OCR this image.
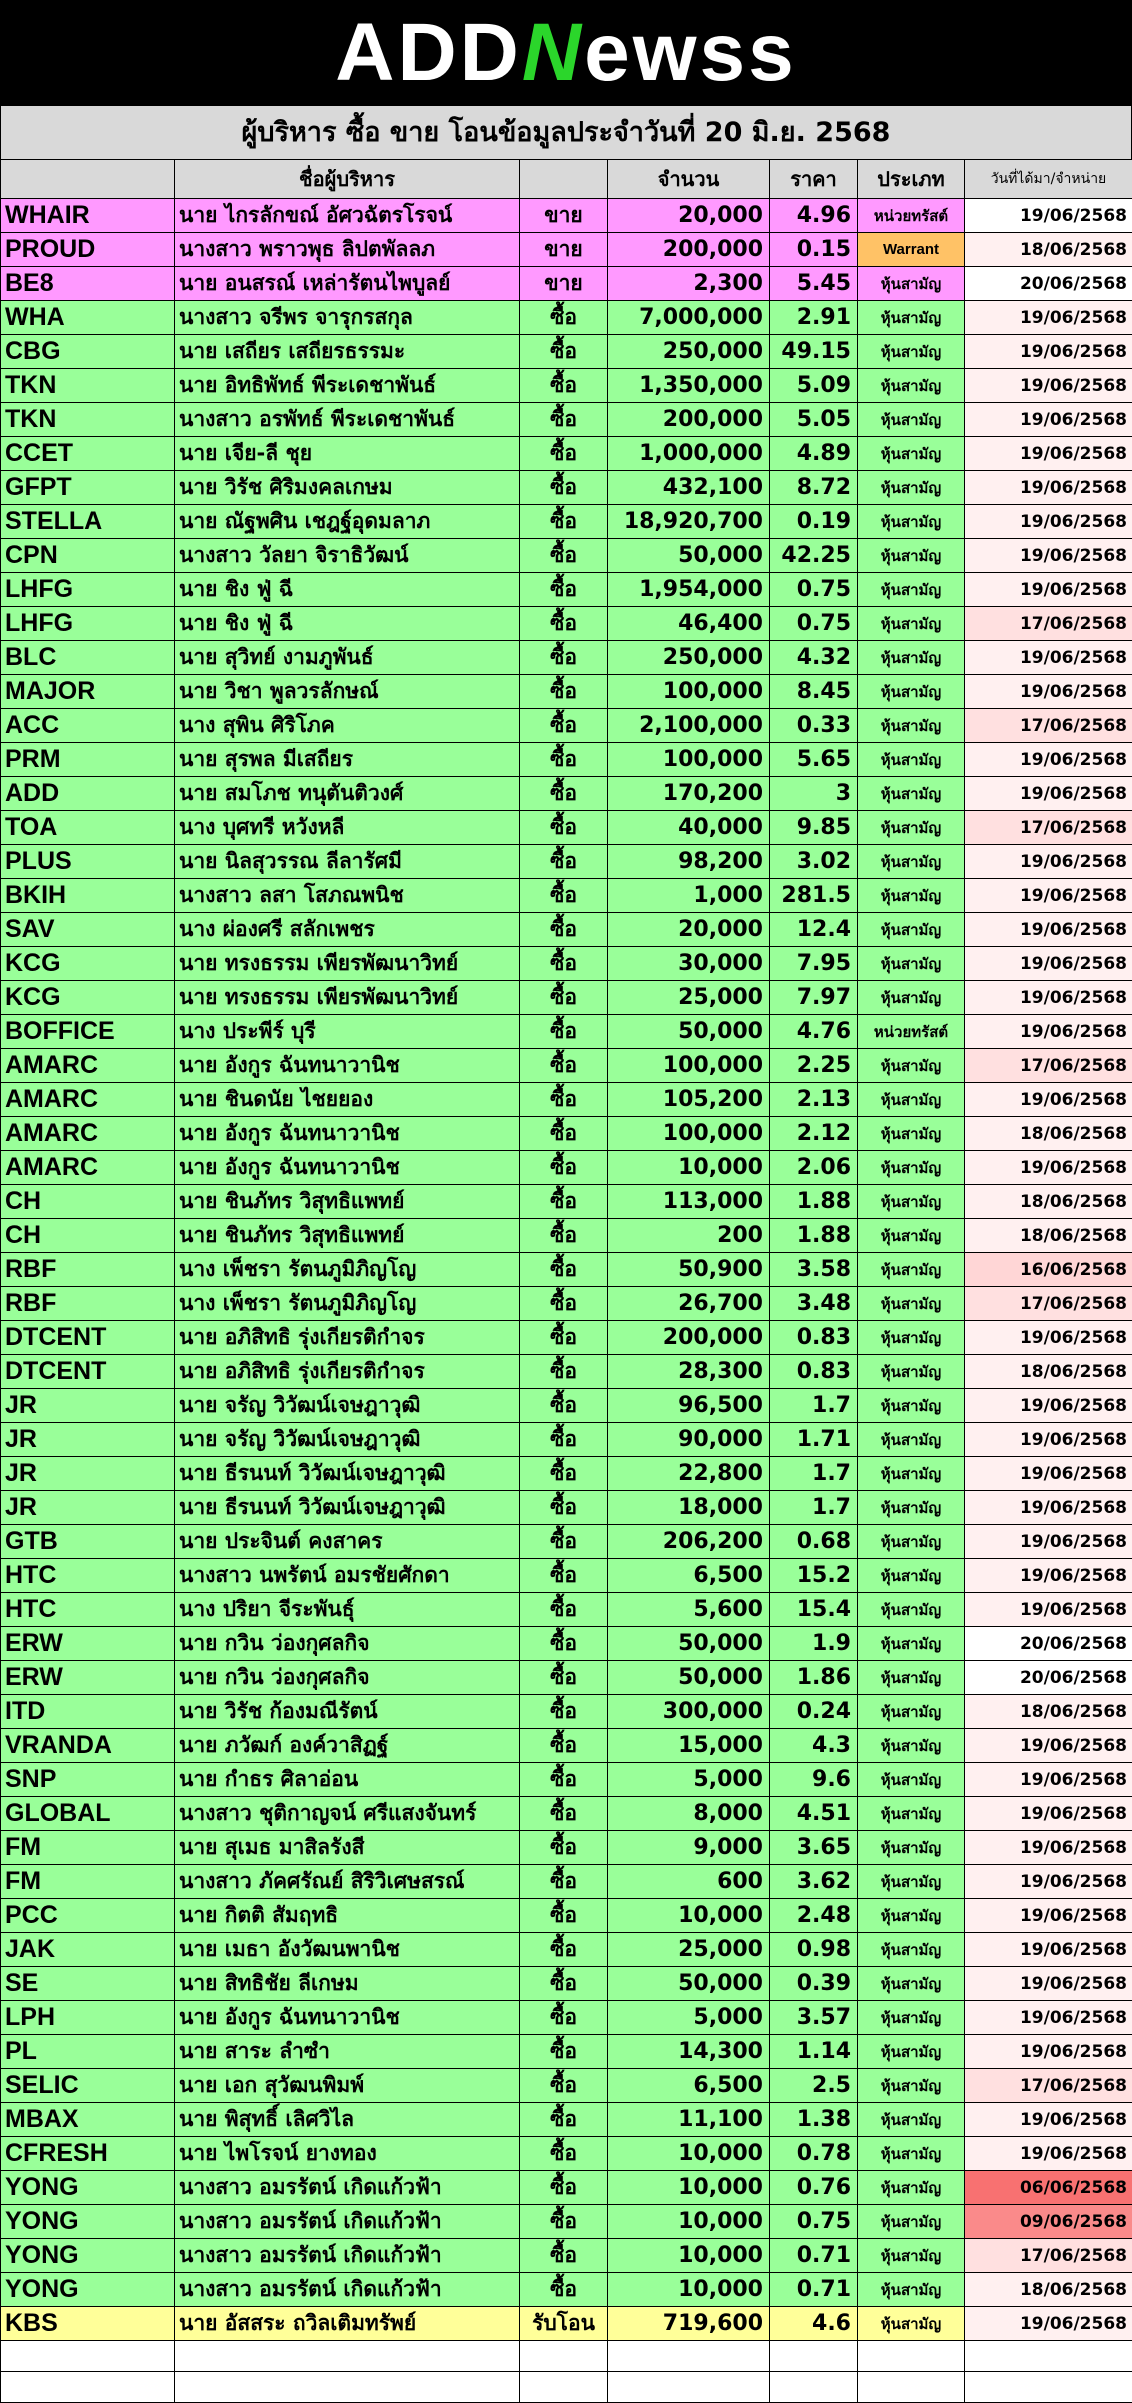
ADDNewss
ผู้บริหาร ซื้อ ขาย โอนข้อมูลประจำวันที่ 20 มิ.ย. 2568
	ชื่อผู้บริหาร		จำนวน	ราคา	ประเภท	วันที่ได้มา/จำหน่าย
WHAIR	นาย ไกรลักขณ์ อัศวฉัตรโรจน์	ขาย	20,000	4.96	หน่วยทรัสต์	19/06/2568
PROUD	นางสาว พราวพุธ ลิปตพัลลภ	ขาย	200,000	0.15	Warrant	18/06/2568
BE8	นาย อนสรณ์ เหล่ารัตนไพบูลย์	ขาย	2,300	5.45	หุ้นสามัญ	20/06/2568
WHA	นางสาว จรีพร จารุกรสกุล	ซื้อ	7,000,000	2.91	หุ้นสามัญ	19/06/2568
CBG	นาย เสถียร เสถียรธรรมะ	ซื้อ	250,000	49.15	หุ้นสามัญ	19/06/2568
TKN	นาย อิทธิพัทธ์ พีระเดชาพันธ์	ซื้อ	1,350,000	5.09	หุ้นสามัญ	19/06/2568
TKN	นางสาว อรพัทธ์ พีระเดชาพันธ์	ซื้อ	200,000	5.05	หุ้นสามัญ	19/06/2568
CCET	นาย เจีย-ลี ชุย	ซื้อ	1,000,000	4.89	หุ้นสามัญ	19/06/2568
GFPT	นาย วิรัช ศิริมงคลเกษม	ซื้อ	432,100	8.72	หุ้นสามัญ	19/06/2568
STELLA	นาย ณัฐพศิน เชฎฐ์อุดมลาภ	ซื้อ	18,920,700	0.19	หุ้นสามัญ	19/06/2568
CPN	นางสาว วัลยา จิราธิวัฒน์	ซื้อ	50,000	42.25	หุ้นสามัญ	19/06/2568
LHFG	นาย ชิง ฟู่ ฉี	ซื้อ	1,954,000	0.75	หุ้นสามัญ	19/06/2568
LHFG	นาย ชิง ฟู่ ฉี	ซื้อ	46,400	0.75	หุ้นสามัญ	17/06/2568
BLC	นาย สุวิทย์ งามภูพันธ์	ซื้อ	250,000	4.32	หุ้นสามัญ	19/06/2568
MAJOR	นาย วิชา พูลวรลักษณ์	ซื้อ	100,000	8.45	หุ้นสามัญ	19/06/2568
ACC	นาง สุพิน ศิริโภค	ซื้อ	2,100,000	0.33	หุ้นสามัญ	17/06/2568
PRM	นาย สุรพล มีเสถียร	ซื้อ	100,000	5.65	หุ้นสามัญ	19/06/2568
ADD	นาย สมโภช ทนุตันติวงศ์	ซื้อ	170,200	3	หุ้นสามัญ	19/06/2568
TOA	นาง บุศทรี หวังหลี	ซื้อ	40,000	9.85	หุ้นสามัญ	17/06/2568
PLUS	นาย นิลสุวรรณ ลีลารัศมี	ซื้อ	98,200	3.02	หุ้นสามัญ	19/06/2568
BKIH	นางสาว ลสา โสภณพนิช	ซื้อ	1,000	281.5	หุ้นสามัญ	19/06/2568
SAV	นาง ผ่องศรี สลักเพชร	ซื้อ	20,000	12.4	หุ้นสามัญ	19/06/2568
KCG	นาย ทรงธรรม เพียรพัฒนาวิทย์	ซื้อ	30,000	7.95	หุ้นสามัญ	19/06/2568
KCG	นาย ทรงธรรม เพียรพัฒนาวิทย์	ซื้อ	25,000	7.97	หุ้นสามัญ	19/06/2568
BOFFICE	นาง ประพีร์ บุรี	ซื้อ	50,000	4.76	หน่วยทรัสต์	19/06/2568
AMARC	นาย อังกูร ฉันทนาวานิช	ซื้อ	100,000	2.25	หุ้นสามัญ	17/06/2568
AMARC	นาย ชินดนัย ไชยยอง	ซื้อ	105,200	2.13	หุ้นสามัญ	19/06/2568
AMARC	นาย อังกูร ฉันทนาวานิช	ซื้อ	100,000	2.12	หุ้นสามัญ	18/06/2568
AMARC	นาย อังกูร ฉันทนาวานิช	ซื้อ	10,000	2.06	หุ้นสามัญ	19/06/2568
CH	นาย ชินภัทร วิสุทธิแพทย์	ซื้อ	113,000	1.88	หุ้นสามัญ	18/06/2568
CH	นาย ชินภัทร วิสุทธิแพทย์	ซื้อ	200	1.88	หุ้นสามัญ	18/06/2568
RBF	นาง เพ็ชรา รัตนภูมิภิญโญ	ซื้อ	50,900	3.58	หุ้นสามัญ	16/06/2568
RBF	นาง เพ็ชรา รัตนภูมิภิญโญ	ซื้อ	26,700	3.48	หุ้นสามัญ	17/06/2568
DTCENT	นาย อภิสิทธิ รุ่งเกียรติกำจร	ซื้อ	200,000	0.83	หุ้นสามัญ	19/06/2568
DTCENT	นาย อภิสิทธิ รุ่งเกียรติกำจร	ซื้อ	28,300	0.83	หุ้นสามัญ	18/06/2568
JR	นาย จรัญ วิวัฒน์เจษฎาวุฒิ	ซื้อ	96,500	1.7	หุ้นสามัญ	19/06/2568
JR	นาย จรัญ วิวัฒน์เจษฎาวุฒิ	ซื้อ	90,000	1.71	หุ้นสามัญ	19/06/2568
JR	นาย ธีรนนท์ วิวัฒน์เจษฎาวุฒิ	ซื้อ	22,800	1.7	หุ้นสามัญ	19/06/2568
JR	นาย ธีรนนท์ วิวัฒน์เจษฎาวุฒิ	ซื้อ	18,000	1.7	หุ้นสามัญ	19/06/2568
GTB	นาย ประจินต์ คงสาคร	ซื้อ	206,200	0.68	หุ้นสามัญ	19/06/2568
HTC	นางสาว นพรัตน์ อมรชัยศักดา	ซื้อ	6,500	15.2	หุ้นสามัญ	19/06/2568
HTC	นาง ปริยา จีระพันธุ์	ซื้อ	5,600	15.4	หุ้นสามัญ	19/06/2568
ERW	นาย กวิน ว่องกุศลกิจ	ซื้อ	50,000	1.9	หุ้นสามัญ	20/06/2568
ERW	นาย กวิน ว่องกุศลกิจ	ซื้อ	50,000	1.86	หุ้นสามัญ	20/06/2568
ITD	นาย วิรัช ก้องมณีรัตน์	ซื้อ	300,000	0.24	หุ้นสามัญ	18/06/2568
VRANDA	นาย ภวัฒก์ องค์วาสิฏฐ์	ซื้อ	15,000	4.3	หุ้นสามัญ	19/06/2568
SNP	นาย กำธร ศิลาอ่อน	ซื้อ	5,000	9.6	หุ้นสามัญ	19/06/2568
GLOBAL	นางสาว ชุติกาญจน์ ศรีแสงจันทร์	ซื้อ	8,000	4.51	หุ้นสามัญ	19/06/2568
FM	นาย สุเมธ มาสิลรังสี	ซื้อ	9,000	3.65	หุ้นสามัญ	19/06/2568
FM	นางสาว ภัคศรัณย์ สิริวิเศษสรณ์	ซื้อ	600	3.62	หุ้นสามัญ	19/06/2568
PCC	นาย กิตติ สัมฤทธิ	ซื้อ	10,000	2.48	หุ้นสามัญ	19/06/2568
JAK	นาย เมธา อังวัฒนพานิช	ซื้อ	25,000	0.98	หุ้นสามัญ	19/06/2568
SE	นาย สิทธิชัย ลีเกษม	ซื้อ	50,000	0.39	หุ้นสามัญ	19/06/2568
LPH	นาย อังกูร ฉันทนาวานิช	ซื้อ	5,000	3.57	หุ้นสามัญ	19/06/2568
PL	นาย สาระ ลำซำ	ซื้อ	14,300	1.14	หุ้นสามัญ	19/06/2568
SELIC	นาย เอก สุวัฒนพิมพ์	ซื้อ	6,500	2.5	หุ้นสามัญ	17/06/2568
MBAX	นาย พิสุทธิ์ เลิศวิไล	ซื้อ	11,100	1.38	หุ้นสามัญ	19/06/2568
CFRESH	นาย ไพโรจน์ ยางทอง	ซื้อ	10,000	0.78	หุ้นสามัญ	19/06/2568
YONG	นางสาว อมรรัตน์ เกิดแก้วฟ้า	ซื้อ	10,000	0.76	หุ้นสามัญ	06/06/2568
YONG	นางสาว อมรรัตน์ เกิดแก้วฟ้า	ซื้อ	10,000	0.75	หุ้นสามัญ	09/06/2568
YONG	นางสาว อมรรัตน์ เกิดแก้วฟ้า	ซื้อ	10,000	0.71	หุ้นสามัญ	17/06/2568
YONG	นางสาว อมรรัตน์ เกิดแก้วฟ้า	ซื้อ	10,000	0.71	หุ้นสามัญ	18/06/2568
KBS	นาย อัสสระ ถวิลเติมทรัพย์	รับโอน	719,600	4.6	หุ้นสามัญ	19/06/2568
